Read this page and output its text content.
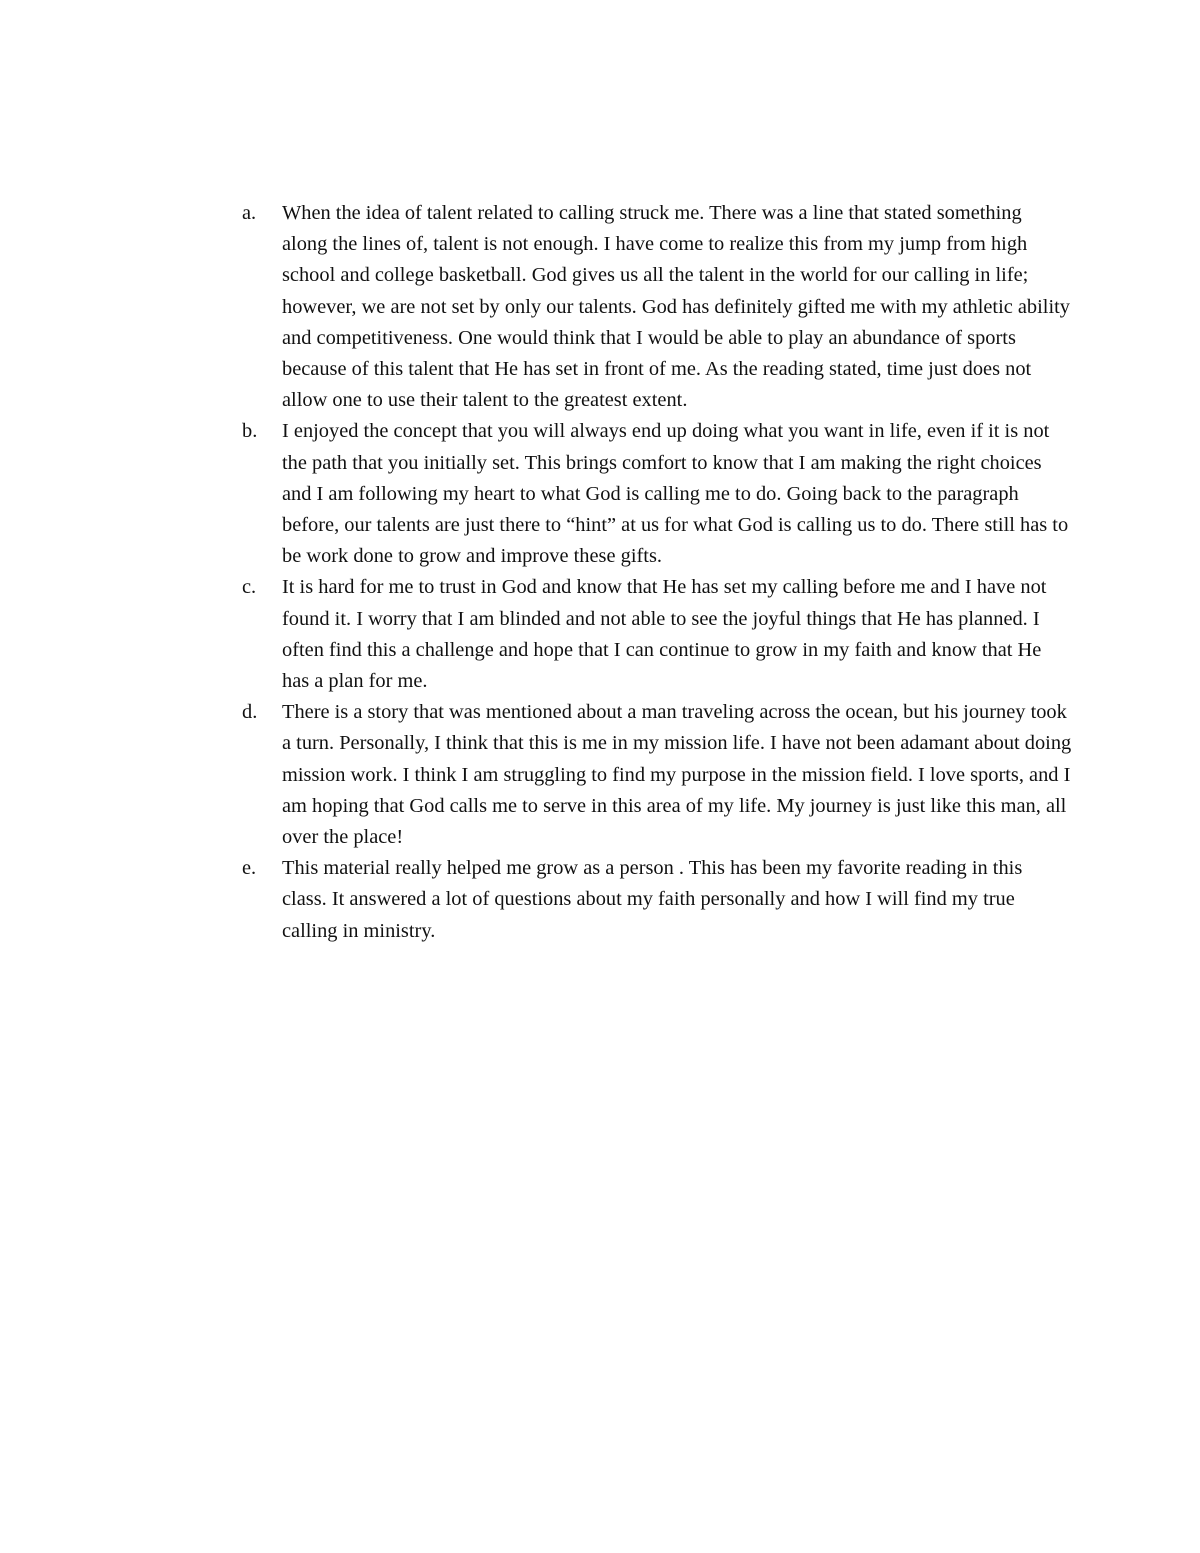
a.	When the idea of talent related to calling struck me. There was a line that stated something along the lines of, talent is not enough. I have come to realize this from my jump from high school and college basketball. God gives us all the talent in the world for our calling in life; however, we are not set by only our talents. God has definitely gifted me with my athletic ability and competitiveness. One would think that I would be able to play an abundance of sports because of this talent that He has set in front of me. As the reading stated, time just does not allow one to use their talent to the greatest extent.
b.	I enjoyed the concept that you will always end up doing what you want in life, even if it is not the path that you initially set. This brings comfort to know that I am making the right choices and I am following my heart to what God is calling me to do. Going back to the paragraph before, our talents are just there to “hint” at us for what God is calling us to do. There still has to be work done to grow and improve these gifts.
c.	It is hard for me to trust in God and know that He has set my calling before me and I have not found it. I worry that I am blinded and not able to see the joyful things that He has planned. I often find this a challenge and hope that I can continue to grow in my faith and know that He has a plan for me.
d.	There is a story that was mentioned about a man traveling across the ocean, but his journey took a turn. Personally, I think that this is me in my mission life. I have not been adamant about doing mission work. I think I am struggling to find my purpose in the mission field. I love sports, and I am hoping that God calls me to serve in this area of my life. My journey is just like this man, all over the place!
e.	This material really helped me grow as a person . This has been my favorite reading in this class. It answered a lot of questions about my faith personally and how I will find my true calling in ministry.
